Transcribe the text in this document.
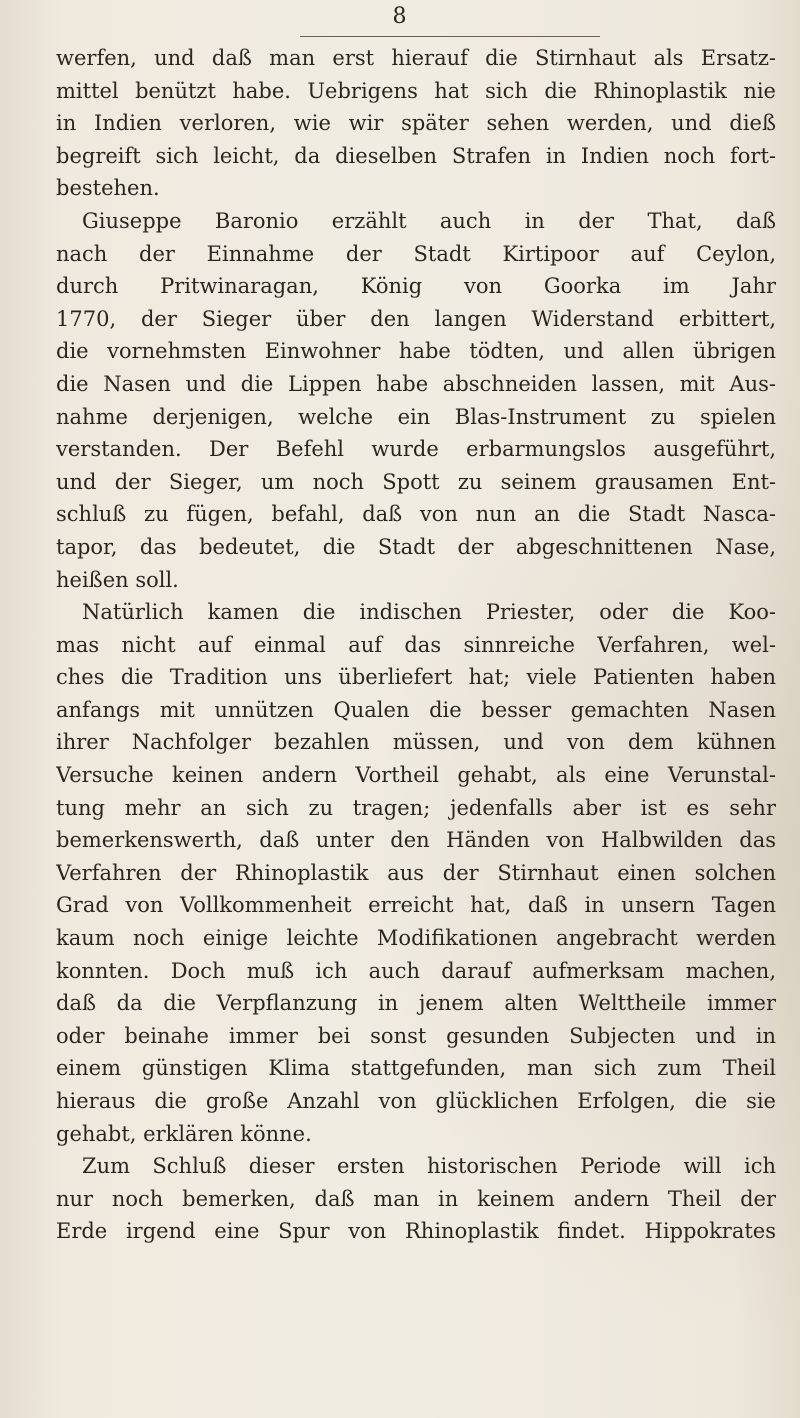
8
werfen, und daß man erst hierauf die Stirnhaut als Ersatz-
mittel benützt habe. Uebrigens hat sich die Rhinoplastik nie
in Indien verloren, wie wir später sehen werden, und dieß
begreift sich leicht, da dieselben Strafen in Indien noch fort-
bestehen.
Giuseppe Baronio erzählt auch in der That, daß
nach der Einnahme der Stadt Kirtipoor auf Ceylon,
durch Pritwinaragan, König von Goorka im Jahr
1770, der Sieger über den langen Widerstand erbittert,
die vornehmsten Einwohner habe tödten, und allen übrigen
die Nasen und die Lippen habe abschneiden lassen, mit Aus-
nahme derjenigen, welche ein Blas-Instrument zu spielen
verstanden. Der Befehl wurde erbarmungslos ausgeführt,
und der Sieger, um noch Spott zu seinem grausamen Ent-
schluß zu fügen, befahl, daß von nun an die Stadt Nasca-
tapor, das bedeutet, die Stadt der abgeschnittenen Nase,
heißen soll.
Natürlich kamen die indischen Priester, oder die Koo-
mas nicht auf einmal auf das sinnreiche Verfahren, wel-
ches die Tradition uns überliefert hat; viele Patienten haben
anfangs mit unnützen Qualen die besser gemachten Nasen
ihrer Nachfolger bezahlen müssen, und von dem kühnen
Versuche keinen andern Vortheil gehabt, als eine Verunstal-
tung mehr an sich zu tragen; jedenfalls aber ist es sehr
bemerkenswerth, daß unter den Händen von Halbwilden das
Verfahren der Rhinoplastik aus der Stirnhaut einen solchen
Grad von Vollkommenheit erreicht hat, daß in unsern Tagen
kaum noch einige leichte Modifikationen angebracht werden
konnten. Doch muß ich auch darauf aufmerksam machen,
daß da die Verpflanzung in jenem alten Welttheile immer
oder beinahe immer bei sonst gesunden Subjecten und in
einem günstigen Klima stattgefunden, man sich zum Theil
hieraus die große Anzahl von glücklichen Erfolgen, die sie
gehabt, erklären könne.
Zum Schluß dieser ersten historischen Periode will ich
nur noch bemerken, daß man in keinem andern Theil der
Erde irgend eine Spur von Rhinoplastik findet. Hippokrates
